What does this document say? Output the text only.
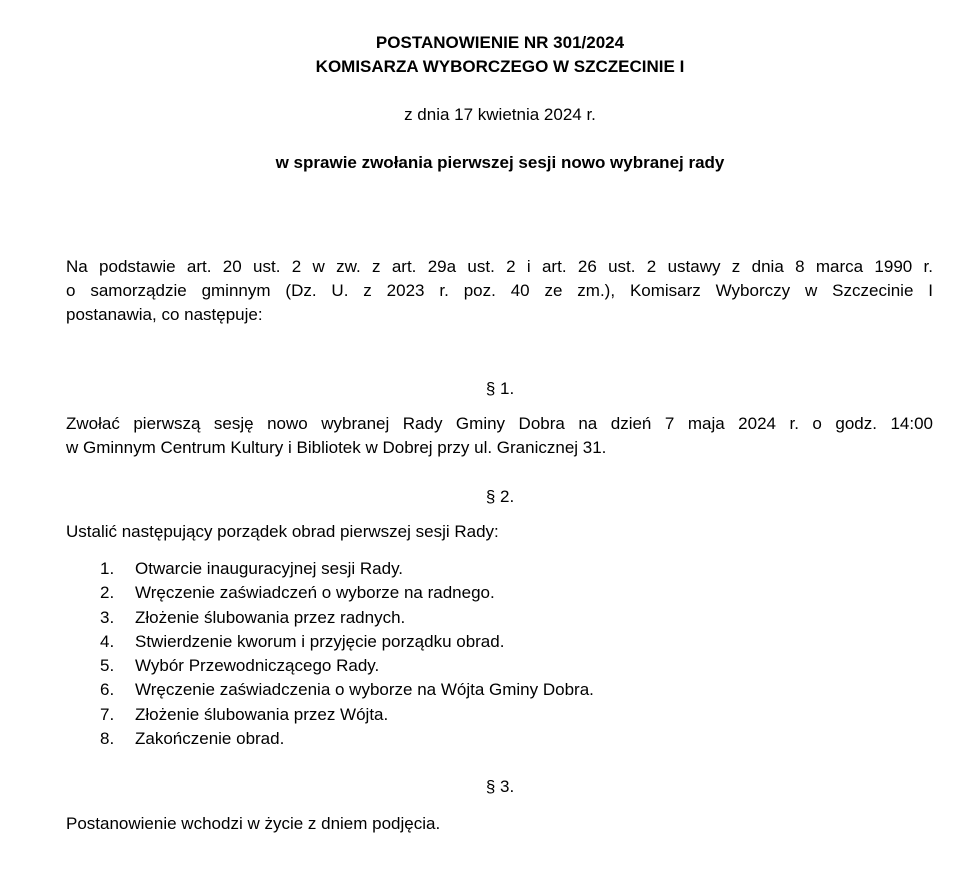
POSTANOWIENIE NR 301/2024
KOMISARZA WYBORCZEGO W SZCZECINIE I
z dnia 17 kwietnia 2024 r.
w sprawie zwołania pierwszej sesji nowo wybranej rady
Na podstawie art. 20 ust. 2 w zw. z art. 29a ust. 2 i art. 26 ust. 2 ustawy z dnia 8 marca 1990 r.
o samorządzie gminnym (Dz. U. z 2023 r. poz. 40 ze zm.), Komisarz Wyborczy w Szczecinie I
postanawia, co następuje:
§ 1.
Zwołać pierwszą sesję nowo wybranej Rady Gminy Dobra na dzień 7 maja 2024 r. o godz. 14:00
w Gminnym Centrum Kultury i Bibliotek w Dobrej przy ul. Granicznej 31.
§ 2.
Ustalić następujący porządek obrad pierwszej sesji Rady:
1. Otwarcie inauguracyjnej sesji Rady.
2. Wręczenie zaświadczeń o wyborze na radnego.
3. Złożenie ślubowania przez radnych.
4. Stwierdzenie kworum i przyjęcie porządku obrad.
5. Wybór Przewodniczącego Rady.
6. Wręczenie zaświadczenia o wyborze na Wójta Gminy Dobra.
7. Złożenie ślubowania przez Wójta.
8. Zakończenie obrad.
§ 3.
Postanowienie wchodzi w życie z dniem podjęcia.
